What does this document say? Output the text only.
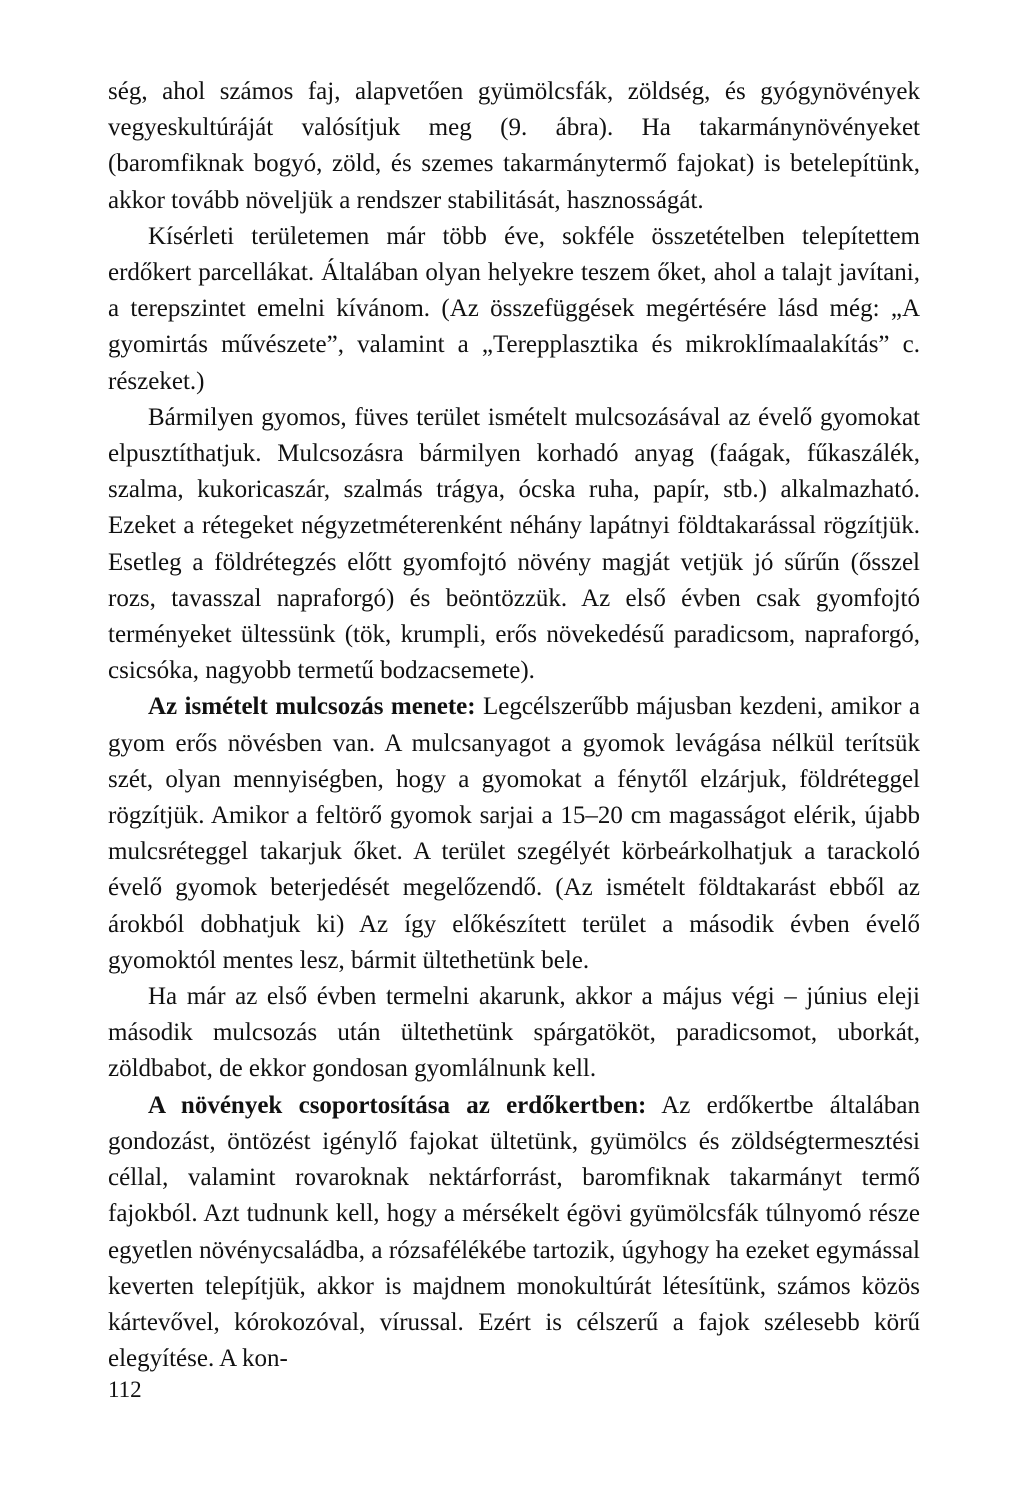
ség, ahol számos faj, alapvetően gyümölcsfák, zöldség, és gyógynövények vegyeskultúráját valósítjuk meg (9. ábra). Ha takarmánynövényeket (baromfiknak bogyó, zöld, és szemes takarmánytermő fajokat) is betelepítünk, akkor tovább növeljük a rendszer stabilitását, hasznosságát.

Kísérleti területemen már több éve, sokféle összetételben telepítettem erdőkert parcellákat. Általában olyan helyekre teszem őket, ahol a talajt javítani, a terepszintet emelni kívánom. (Az összefüggések megértésére lásd még: „A gyomirtás művészete”, valamint a „Terepplasztika és mikroklímaalakítás” c. részeket.)

Bármilyen gyomos, füves terület ismételt mulcsozásával az évelő gyomokat elpusztíthatjuk. Mulcsozásra bármilyen korhadó anyag (faágak, fűkaszálék, szalma, kukoricaszár, szalmás trágya, ócska ruha, papír, stb.) alkalmazható. Ezeket a rétegeket négyzetméterenként néhány lapátnyi földtakarással rögzítjük. Esetleg a földrétegzés előtt gyomfojtó növény magját vetjük jó sűrűn (ősszel rozs, tavasszal napraforgó) és beöntözzük. Az első évben csak gyomfojtó terményeket ültessünk (tök, krumpli, erős növekedésű paradicsom, napraforgó, csicsóka, nagyobb termetű bodzacsemete).

Az ismételt mulcsozás menete: Legcélszerűbb májusban kezdeni, amikor a gyom erős növésben van. A mulcsanyagot a gyomok levágása nélkül terítsük szét, olyan mennyiségben, hogy a gyomokat a fénytől elzárjuk, földréteggel rögzítjük. Amikor a feltörő gyomok sarjai a 15–20 cm magasságot elérik, újabb mulcsréteggel takarjuk őket. A terület szegélyét körbeárkolhatjuk a tarackoló évelő gyomok beterjedését megelőzendő. (Az ismételt földtakarást ebből az árokból dobhatjuk ki) Az így előkészített terület a második évben évelő gyomoktól mentes lesz, bármit ültethetünk bele.

Ha már az első évben termelni akarunk, akkor a május végi – június eleji második mulcsozás után ültethetünk spárgatököt, paradicsomot, uborkát, zöldbabot, de ekkor gondosan gyomlálnunk kell.

A növények csoportosítása az erdőkertben: Az erdőkertbe általában gondozást, öntözést igénylő fajokat ültetünk, gyümölcs és zöldségtermesztési céllal, valamint rovaroknak nektárforrást, baromfiknak takarmányt termő fajokból. Azt tudnunk kell, hogy a mérsékelt égövi gyümölcsfák túlnyomó része egyetlen növénycsaládba, a rózsafélékébe tartozik, úgyhogy ha ezeket egymással keverten telepítjük, akkor is majdnem monokultúrát létesítünk, számos közös kártevővel, kórokozóval, vírussal. Ezért is célszerű a fajok szélesebb körű elegyítése. A kon-

112
